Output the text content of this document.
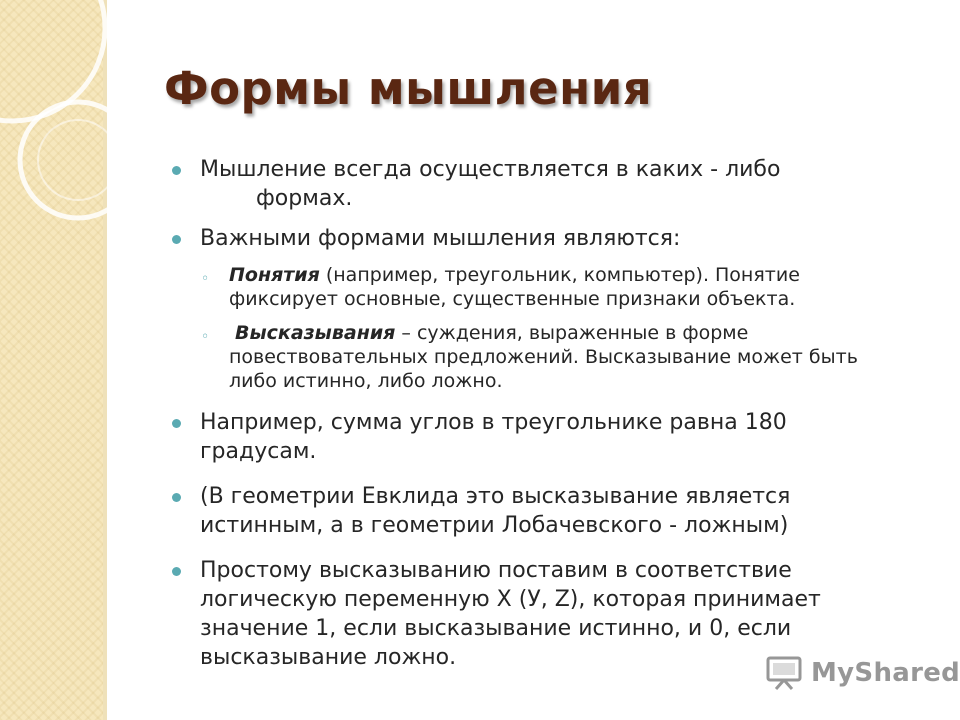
Формы мышления
Мышление всегда осуществляется в каких - либо
формах.
Важными формами мышления являются:
◦ Понятия (например, треугольник, компьютер). Понятие фиксирует основные, существенные признаки объекта.
◦ Высказывания – суждения, выраженные в форме повествовательных предложений. Высказывание может быть либо истинно, либо ложно.
Например, сумма углов в треугольнике равна 180 градусам.
(В геометрии Евклида это высказывание является истинным, а в геометрии Лобачевского - ложным)
Простому высказыванию поставим в соответствие логическую переменную X (У, Z), которая принимает значение 1, если высказывание истинно, и 0, если высказывание ложно.
MyShared
